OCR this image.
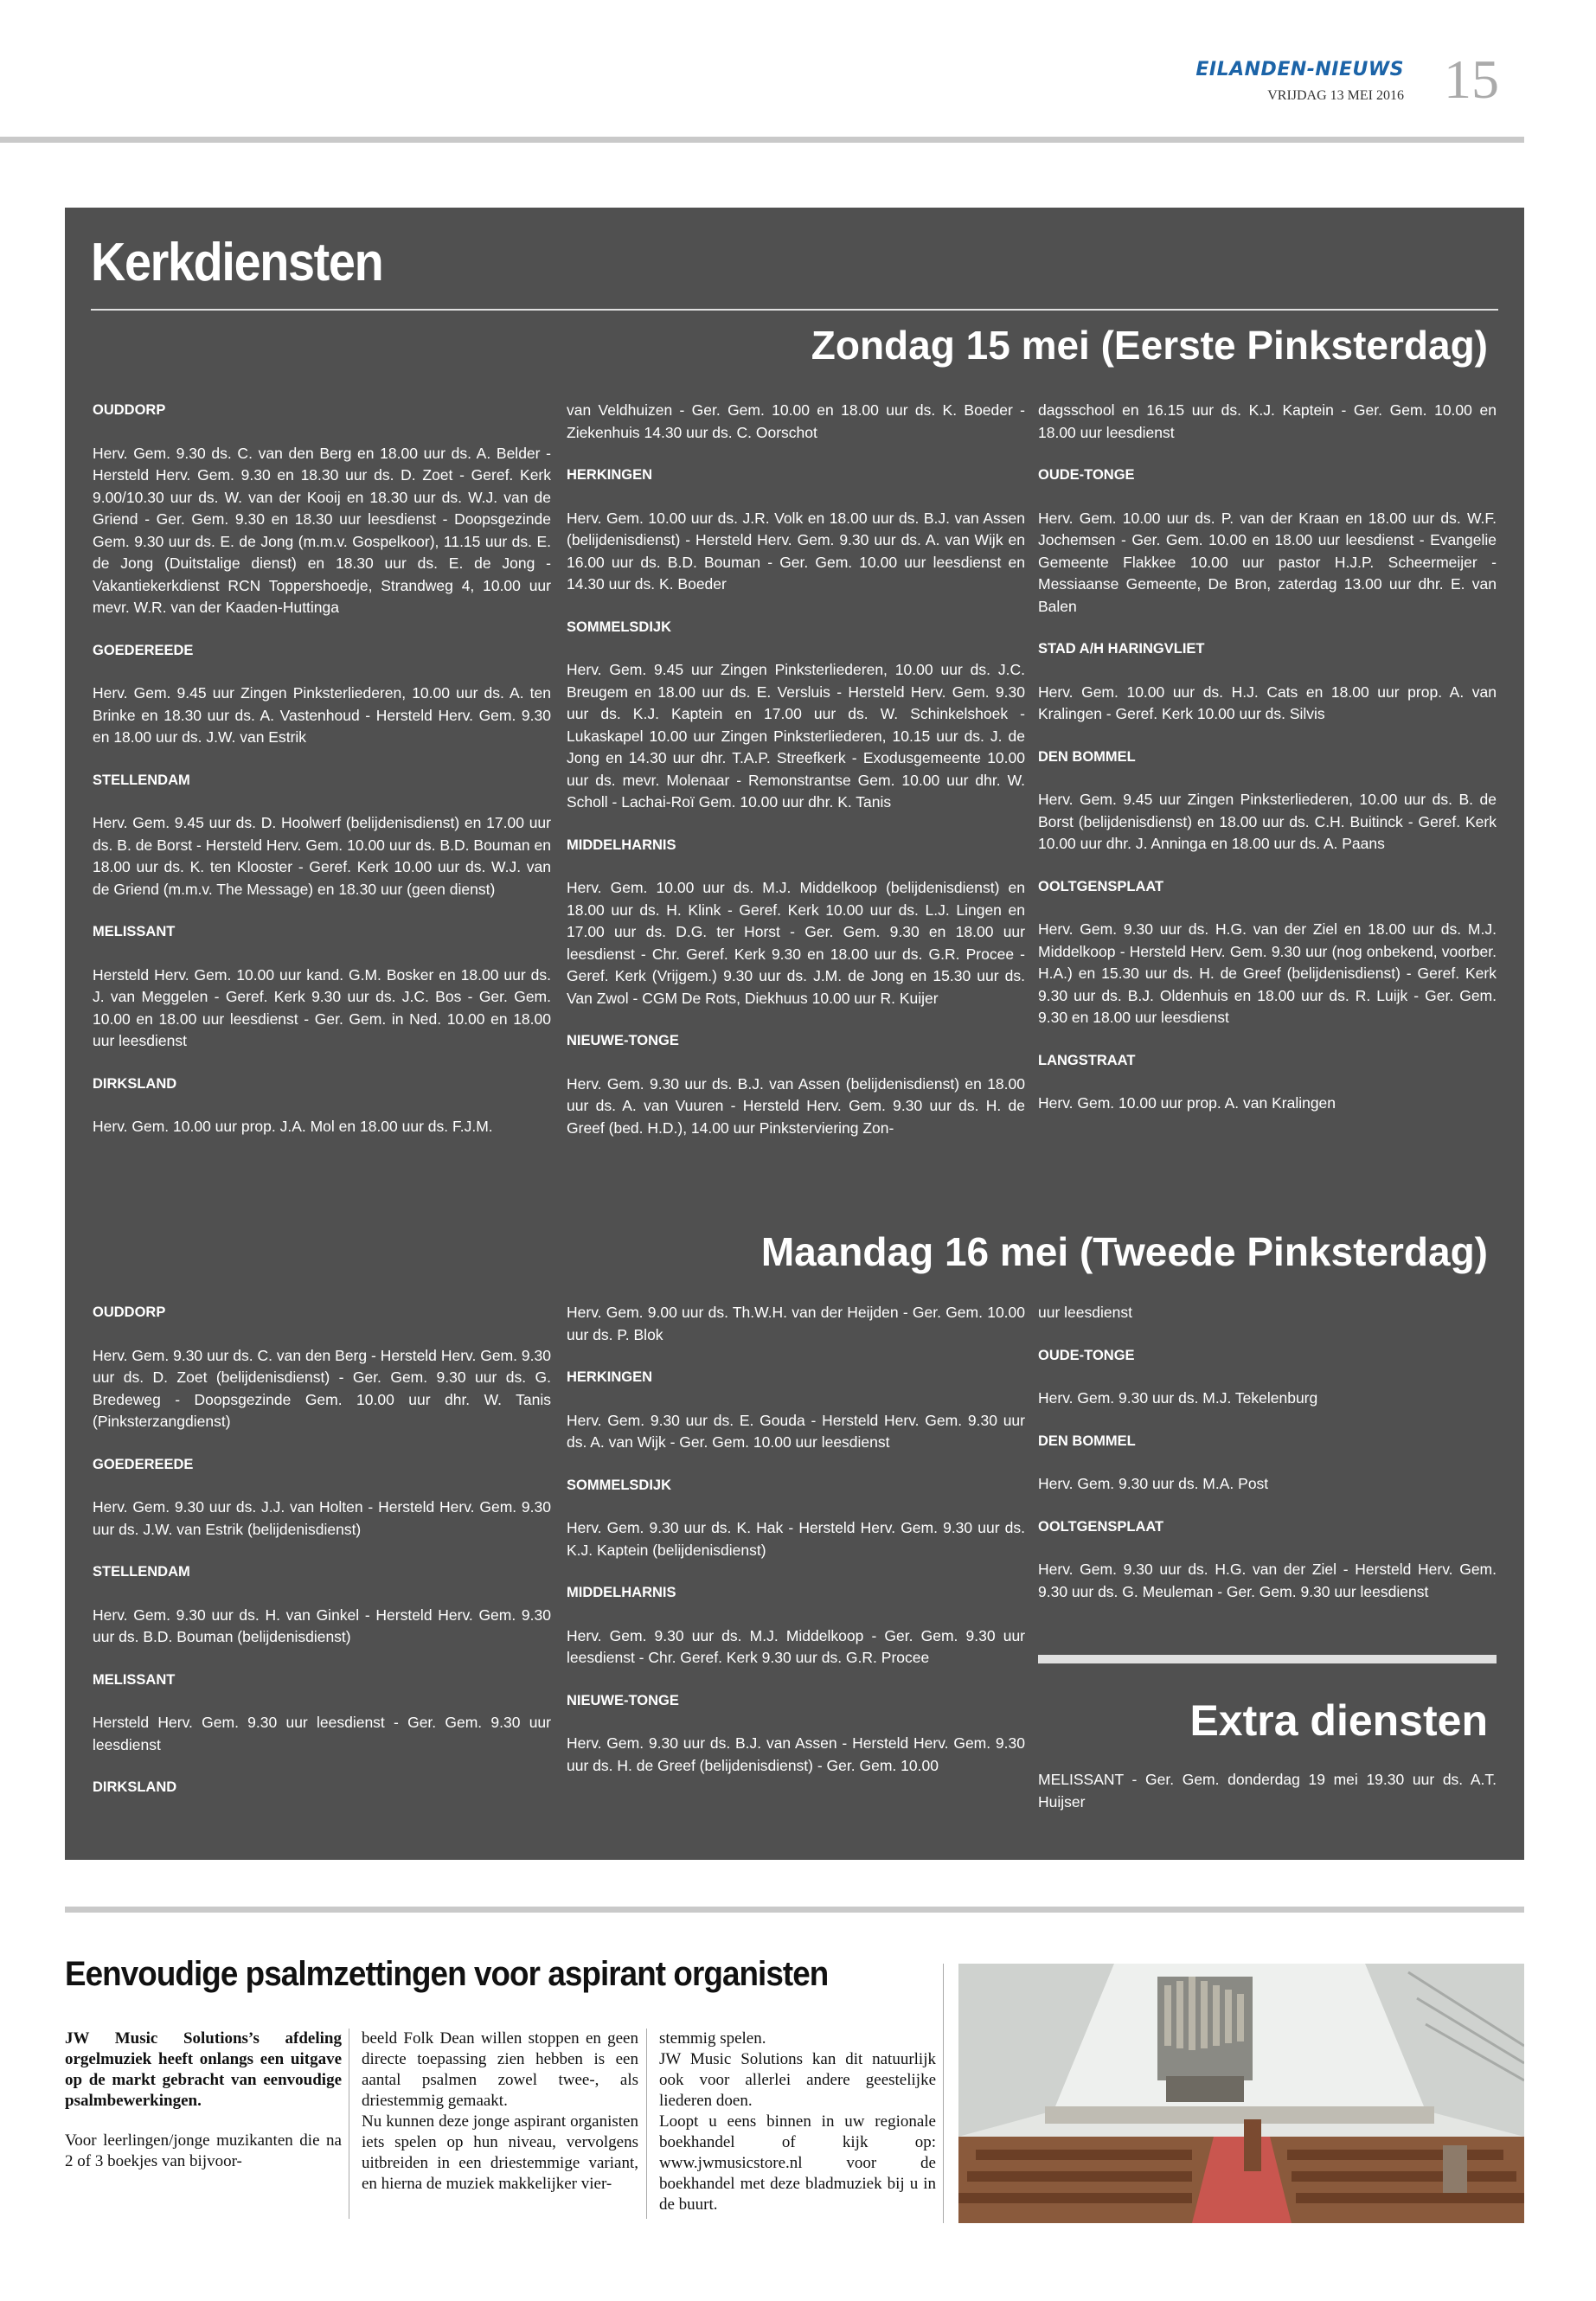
EILANDEN-NIEUWS
VRIJDAG 13 MEI 2016 15
Kerkdiensten
Zondag 15 mei (Eerste Pinksterdag)

OUDDORP

Herv. Gem. 9.30 ds. C. van den Berg en 18.00 uur ds. A. Belder - Hersteld Herv. Gem. 9.30 en 18.30 uur ds. D. Zoet - Geref. Kerk 9.00/10.30 uur ds. W. van der Kooij en 18.30 uur ds. W.J. van de Griend - Ger. Gem. 9.30 en 18.30 uur leesdienst - Doopsgezinde Gem. 9.30 uur ds. E. de Jong (m.m.v. Gospelkoor), 11.15 uur ds. E. de Jong (Duitstalige dienst) en 18.30 uur ds. E. de Jong - Vakantiekerkdienst RCN Toppershoedje, Strandweg 4, 10.00 uur mevr. W.R. van der Kaaden-Huttinga

GOEDEREEDE

Herv. Gem. 9.45 uur Zingen Pinksterliederen, 10.00 uur ds. A. ten Brinke en 18.30 uur ds. A. Vastenhoud - Hersteld Herv. Gem. 9.30 en 18.00 uur ds. J.W. van Estrik

STELLENDAM

Herv. Gem. 9.45 uur ds. D. Hoolwerf (belijdenisdienst) en 17.00 uur ds. B. de Borst - Hersteld Herv. Gem. 10.00 uur ds. B.D. Bouman en 18.00 uur ds. K. ten Klooster - Geref. Kerk 10.00 uur ds. W.J. van de Griend (m.m.v. The Message) en 18.30 uur (geen dienst)

MELISSANT

Hersteld Herv. Gem. 10.00 uur kand. G.M. Bosker en 18.00 uur ds. J. van Meggelen - Geref. Kerk 9.30 uur ds. J.C. Bos - Ger. Gem. 10.00 en 18.00 uur leesdienst - Ger. Gem. in Ned. 10.00 en 18.00 uur leesdienst

DIRKSLAND

Herv. Gem. 10.00 uur prop. J.A. Mol en 18.00 uur ds. F.J.M.

van Veldhuizen - Ger. Gem. 10.00 en 18.00 uur ds. K. Boeder - Ziekenhuis 14.30 uur ds. C. Oorschot

HERKINGEN

Herv. Gem. 10.00 uur ds. J.R. Volk en 18.00 uur ds. B.J. van Assen (belijdenisdienst) - Hersteld Herv. Gem. 9.30 uur ds. A. van Wijk en 16.00 uur ds. B.D. Bouman - Ger. Gem. 10.00 uur leesdienst en 14.30 uur ds. K. Boeder

SOMMELSDIJK

Herv. Gem. 9.45 uur Zingen Pinksterliederen, 10.00 uur ds. J.C. Breugem en 18.00 uur ds. E. Versluis - Hersteld Herv. Gem. 9.30 uur ds. K.J. Kaptein en 17.00 uur ds. W. Schinkelshoek - Lukaskapel 10.00 uur Zingen Pinksterliederen, 10.15 uur ds. J. de Jong en 14.30 uur dhr. T.A.P. Streefkerk - Exodusgemeente 10.00 uur ds. mevr. Molenaar - Remonstrantse Gem. 10.00 uur dhr. W. Scholl - Lachai-Roï Gem. 10.00 uur dhr. K. Tanis

MIDDELHARNIS

Herv. Gem. 10.00 uur ds. M.J. Middelkoop (belijdenisdienst) en 18.00 uur ds. H. Klink - Geref. Kerk 10.00 uur ds. L.J. Lingen en 17.00 uur ds. D.G. ter Horst - Ger. Gem. 9.30 en 18.00 uur leesdienst - Chr. Geref. Kerk 9.30 en 18.00 uur ds. G.R. Procee - Geref. Kerk (Vrijgem.) 9.30 uur ds. J.M. de Jong en 15.30 uur ds. Van Zwol - CGM De Rots, Diekhuus 10.00 uur R. Kuijer

NIEUWE-TONGE

Herv. Gem. 9.30 uur ds. B.J. van Assen (belijdenisdienst) en 18.00 uur ds. A. van Vuuren - Hersteld Herv. Gem. 9.30 uur ds. H. de Greef (bed. H.D.), 14.00 uur Pinksterviering Zon-

dagsschool en 16.15 uur ds. K.J. Kaptein - Ger. Gem. 10.00 en 18.00 uur leesdienst

OUDE-TONGE

Herv. Gem. 10.00 uur ds. P. van der Kraan en 18.00 uur ds. W.F. Jochemsen - Ger. Gem. 10.00 en 18.00 uur leesdienst - Evangelie Gemeente Flakkee 10.00 uur pastor H.J.P. Scheermeijer - Messiaanse Gemeente, De Bron, zaterdag 13.00 uur dhr. E. van Balen

STAD A/H HARINGVLIET

Herv. Gem. 10.00 uur ds. H.J. Cats en 18.00 uur prop. A. van Kralingen - Geref. Kerk 10.00 uur ds. Silvis

DEN BOMMEL

Herv. Gem. 9.45 uur Zingen Pinksterliederen, 10.00 uur ds. B. de Borst (belijdenisdienst) en 18.00 uur ds. C.H. Buitinck - Geref. Kerk 10.00 uur dhr. J. Anninga en 18.00 uur ds. A. Paans

OOLTGENSPLAAT

Herv. Gem. 9.30 uur ds. H.G. van der Ziel en 18.00 uur ds. M.J. Middelkoop - Hersteld Herv. Gem. 9.30 uur (nog onbekend, voorber. H.A.) en 15.30 uur ds. H. de Greef (belijdenisdienst) - Geref. Kerk 9.30 uur ds. B.J. Oldenhuis en 18.00 uur ds. R. Luijk - Ger. Gem. 9.30 en 18.00 uur leesdienst

LANGSTRAAT

Herv. Gem. 10.00 uur prop. A. van Kralingen

Maandag 16 mei (Tweede Pinksterdag)

OUDDORP

Herv. Gem. 9.30 uur ds. C. van den Berg - Hersteld Herv. Gem. 9.30 uur ds. D. Zoet (belijdenisdienst) - Ger. Gem. 9.30 uur ds. G. Bredeweg - Doopsgezinde Gem. 10.00 uur dhr. W. Tanis (Pinksterzangdienst)

GOEDEREEDE

Herv. Gem. 9.30 uur ds. J.J. van Holten - Hersteld Herv. Gem. 9.30 uur ds. J.W. van Estrik (belijdenisdienst)

STELLENDAM

Herv. Gem. 9.30 uur ds. H. van Ginkel - Hersteld Herv. Gem. 9.30 uur ds. B.D. Bouman (belijdenisdienst)

MELISSANT

Hersteld Herv. Gem. 9.30 uur leesdienst - Ger. Gem. 9.30 uur leesdienst

DIRKSLAND

Herv. Gem. 9.00 uur ds. Th.W.H. van der Heijden - Ger. Gem. 10.00 uur ds. P. Blok

HERKINGEN

Herv. Gem. 9.30 uur ds. E. Gouda - Hersteld Herv. Gem. 9.30 uur ds. A. van Wijk - Ger. Gem. 10.00 uur leesdienst

SOMMELSDIJK

Herv. Gem. 9.30 uur ds. K. Hak - Hersteld Herv. Gem. 9.30 uur ds. K.J. Kaptein (belijdenisdienst)

MIDDELHARNIS

Herv. Gem. 9.30 uur ds. M.J. Middelkoop - Ger. Gem. 9.30 uur leesdienst - Chr. Geref. Kerk 9.30 uur ds. G.R. Procee

NIEUWE-TONGE

Herv. Gem. 9.30 uur ds. B.J. van Assen - Hersteld Herv. Gem. 9.30 uur ds. H. de Greef (belijdenisdienst) - Ger. Gem. 10.00

uur leesdienst

OUDE-TONGE

Herv. Gem. 9.30 uur ds. M.J. Tekelenburg

DEN BOMMEL

Herv. Gem. 9.30 uur ds. M.A. Post

OOLTGENSPLAAT

Herv. Gem. 9.30 uur ds. H.G. van der Ziel - Hersteld Herv. Gem. 9.30 uur ds. G. Meuleman - Ger. Gem. 9.30 uur leesdienst

Extra diensten
MELISSANT - Ger. Gem. donderdag 19 mei 19.30 uur ds. A.T. Huijser
Eenvoudige psalmzettingen voor aspirant organisten

JW Music Solutions’s afdeling orgelmuziek heeft onlangs een uitgave op de markt gebracht van eenvoudige psalmbewerkingen.

Voor leerlingen/jonge muzikanten die na 2 of 3 boekjes van bijvoor-

beeld Folk Dean willen stoppen en geen directe toepassing zien hebben is een aantal psalmen zowel twee-, als driestemmig gemaakt.

Nu kunnen deze jonge aspirant organisten iets spelen op hun niveau, vervolgens uitbreiden in een driestemmige variant, en hierna de muziek makkelijker vier-

stemmig spelen.

JW Music Solutions kan dit natuurlijk ook voor allerlei andere geestelijke liederen doen.

Loopt u eens binnen in uw regionale boekhandel of kijk op: www.jwmusicstore.nl voor de boekhandel met deze bladmuziek bij u in de buurt.
